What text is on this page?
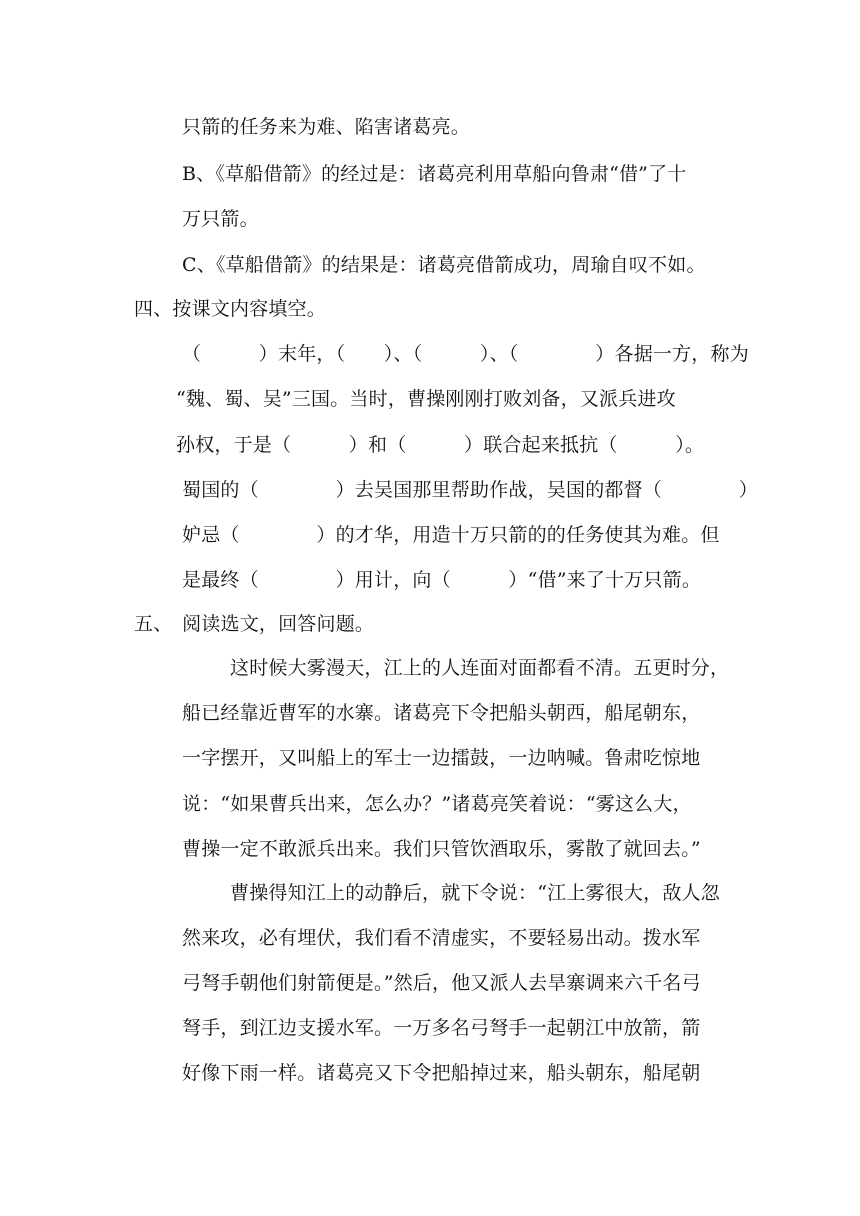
只箭的任务来为难、陷害诸葛亮。
B、《草船借箭》的经过是：诸葛亮利用草船向鲁肃“借”了十
万只箭。
C、《草船借箭》的结果是：诸葛亮借箭成功，周瑜自叹不如。
四、按课文内容填空。
（　　　）末年，（　　）、（　　　）、（　　　　）各据一方，称为
“魏、蜀、吴”三国。当时，曹操刚刚打败刘备，又派兵进攻
孙权，于是（　　　）和（　　　）联合起来抵抗（　　　）。
蜀国的（　　　　）去吴国那里帮助作战，吴国的都督（　　　　）
妒忌（　　　　）的才华，用造十万只箭的的任务使其为难。但
是最终（　　　　）用计，向（　　　）“借”来了十万只箭。
五、　阅读选文，回答问题。
这时候大雾漫天，江上的人连面对面都看不清。五更时分，
船已经靠近曹军的水寨。诸葛亮下令把船头朝西，船尾朝东，
一字摆开，又叫船上的军士一边擂鼓，一边呐喊。鲁肃吃惊地
说：“如果曹兵出来，怎么办？”诸葛亮笑着说：“雾这么大，
曹操一定不敢派兵出来。我们只管饮酒取乐，雾散了就回去。”
曹操得知江上的动静后，就下令说：“江上雾很大，敌人忽
然来攻，必有埋伏，我们看不清虚实，不要轻易出动。拨水军
弓弩手朝他们射箭便是。”然后，他又派人去旱寨调来六千名弓
弩手，到江边支援水军。一万多名弓弩手一起朝江中放箭，箭
好像下雨一样。诸葛亮又下令把船掉过来，船头朝东，船尾朝
